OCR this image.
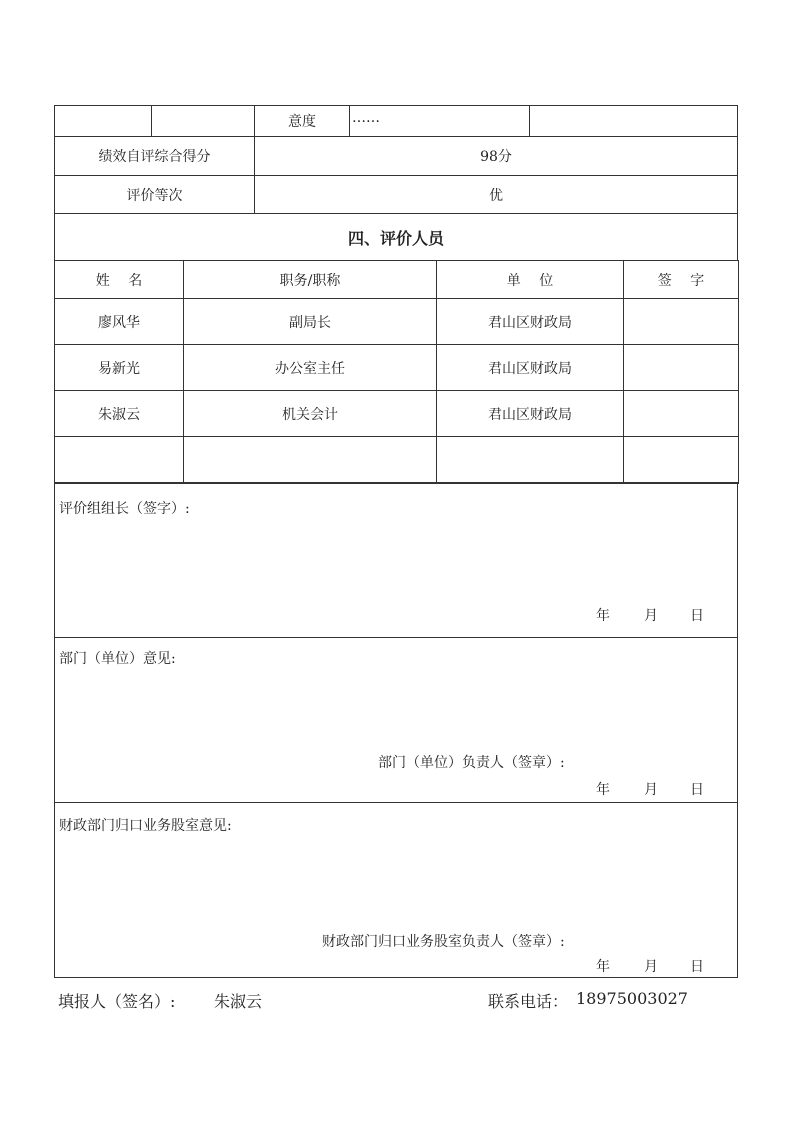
意度	……
绩效自评综合得分	98分
评价等次	优
四、评价人员
姓 名	职务/职称	单 位	签 字
廖风华	副局长	君山区财政局
易新光	办公室主任	君山区财政局
朱淑云	机关会计	君山区财政局
评价组组长（签字）:
年 月 日
部门（单位）意见:
部门（单位）负责人（签章）:
年 月 日
财政部门归口业务股室意见:
财政部门归口业务股室负责人（签章）:
年 月 日
填报人（签名）: 朱淑云	联系电话： 18975003027
